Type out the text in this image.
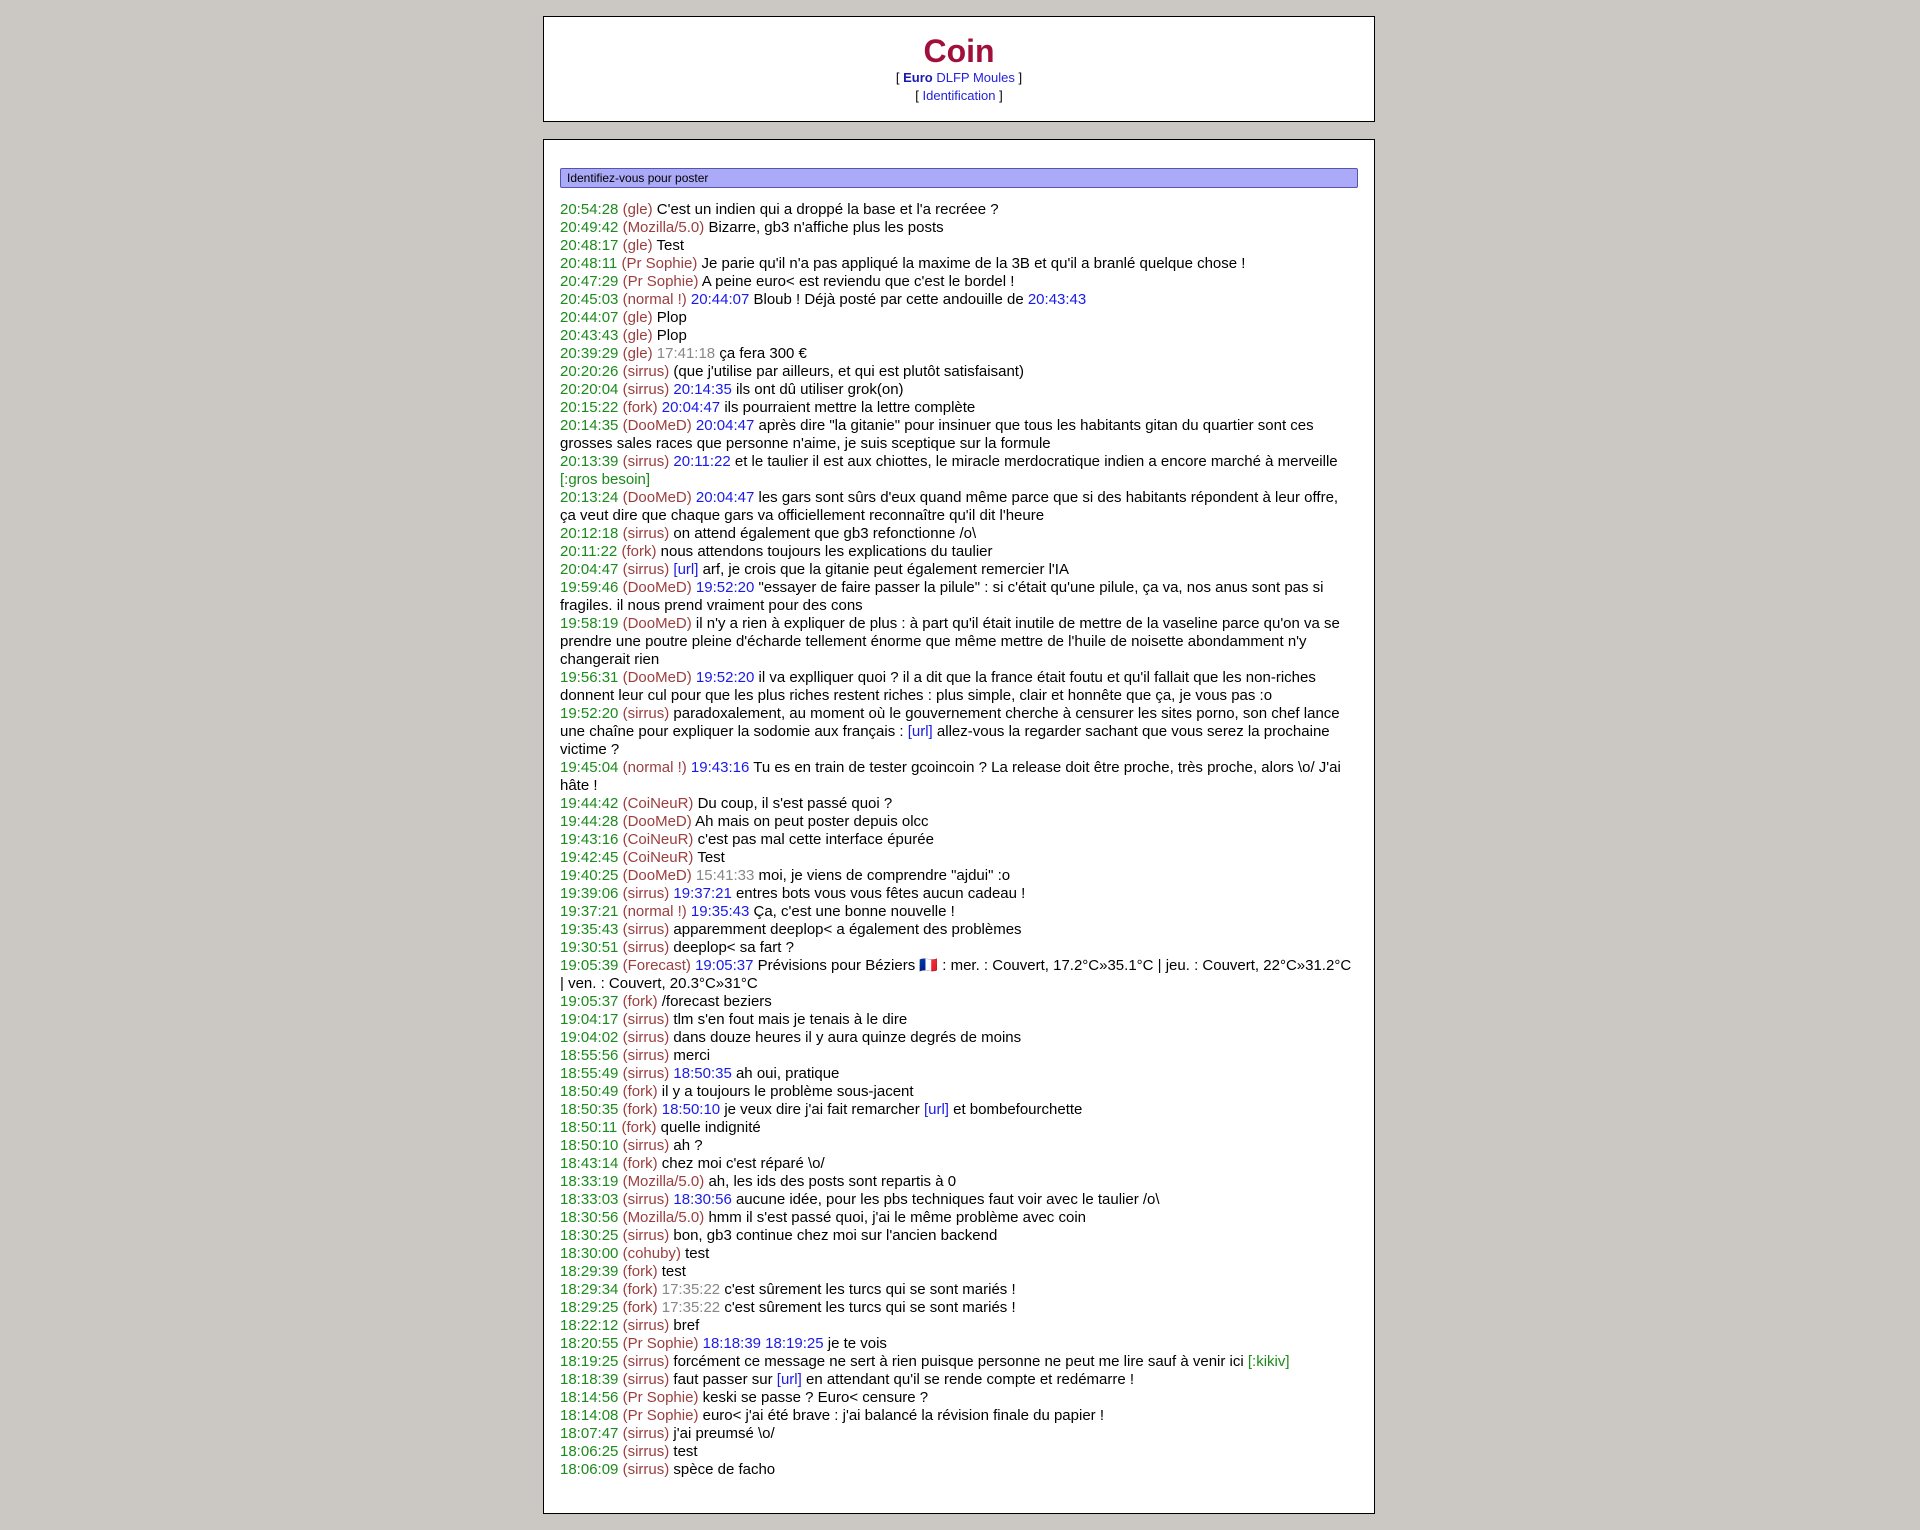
Coin
[ Euro DLFP Moules ]
[ Identification ]
Identifiez-vous pour poster
20:54:28 (gle) C'est un indien qui a droppé la base et l'a recréee ?
20:49:42 (Mozilla/5.0) Bizarre, gb3 n'affiche plus les posts
20:48:17 (gle) Test
20:48:11 (Pr Sophie) Je parie qu'il n'a pas appliqué la maxime de la 3B et qu'il a branlé quelque chose !
20:47:29 (Pr Sophie) A peine euro< est reviendu que c'est le bordel !
20:45:03 (normal !) 20:44:07 Bloub ! Déjà posté par cette andouille de 20:43:43
20:44:07 (gle) Plop
20:43:43 (gle) Plop
20:39:29 (gle) 17:41:18 ça fera 300 €
20:20:26 (sirrus) (que j'utilise par ailleurs, et qui est plutôt satisfaisant)
20:20:04 (sirrus) 20:14:35 ils ont dû utiliser grok(on)
20:15:22 (fork) 20:04:47 ils pourraient mettre la lettre complète
20:14:35 (DooMeD) 20:04:47 après dire "la gitanie" pour insinuer que tous les habitants gitan du quartier sont ces grosses sales races que personne n'aime, je suis sceptique sur la formule
20:13:39 (sirrus) 20:11:22 et le taulier il est aux chiottes, le miracle merdocratique indien a encore marché à merveille [:gros besoin]
20:13:24 (DooMeD) 20:04:47 les gars sont sûrs d'eux quand même parce que si des habitants répondent à leur offre, ça veut dire que chaque gars va officiellement reconnaître qu'il dit l'heure
20:12:18 (sirrus) on attend également que gb3 refonctionne /o\
20:11:22 (fork) nous attendons toujours les explications du taulier
20:04:47 (sirrus) [url] arf, je crois que la gitanie peut également remercier l'IA
19:59:46 (DooMeD) 19:52:20 "essayer de faire passer la pilule" : si c'était qu'une pilule, ça va, nos anus sont pas si fragiles. il nous prend vraiment pour des cons
19:58:19 (DooMeD) il n'y a rien à expliquer de plus : à part qu'il était inutile de mettre de la vaseline parce qu'on va se prendre une poutre pleine d'écharde tellement énorme que même mettre de l'huile de noisette abondamment n'y changerait rien
19:56:31 (DooMeD) 19:52:20 il va explliquer quoi ? il a dit que la france était foutu et qu'il fallait que les non-riches donnent leur cul pour que les plus riches restent riches : plus simple, clair et honnête que ça, je vous pas :o
19:52:20 (sirrus) paradoxalement, au moment où le gouvernement cherche à censurer les sites porno, son chef lance une chaîne pour expliquer la sodomie aux français : [url] allez-vous la regarder sachant que vous serez la prochaine victime ?
19:45:04 (normal !) 19:43:16 Tu es en train de tester gcoincoin ? La release doit être proche, très proche, alors \o/ J'ai hâte !
19:44:42 (CoiNeuR) Du coup, il s'est passé quoi ?
19:44:28 (DooMeD) Ah mais on peut poster depuis olcc
19:43:16 (CoiNeuR) c'est pas mal cette interface épurée
19:42:45 (CoiNeuR) Test
19:40:25 (DooMeD) 15:41:33 moi, je viens de comprendre "ajdui" :o
19:39:06 (sirrus) 19:37:21 entres bots vous vous fêtes aucun cadeau !
19:37:21 (normal !) 19:35:43 Ça, c'est une bonne nouvelle !
19:35:43 (sirrus) apparemment deeplop< a également des problèmes
19:30:51 (sirrus) deeplop< sa fart ?
19:05:39 (Forecast) 19:05:37 Prévisions pour Béziers 🇫🇷 : mer. : Couvert, 17.2°C»35.1°C | jeu. : Couvert, 22°C»31.2°C | ven. : Couvert, 20.3°C»31°C
19:05:37 (fork) /forecast beziers
19:04:17 (sirrus) tlm s'en fout mais je tenais à le dire
19:04:02 (sirrus) dans douze heures il y aura quinze degrés de moins
18:55:56 (sirrus) merci
18:55:49 (sirrus) 18:50:35 ah oui, pratique
18:50:49 (fork) il y a toujours le problème sous-jacent
18:50:35 (fork) 18:50:10 je veux dire j'ai fait remarcher [url] et bombefourchette
18:50:11 (fork) quelle indignité
18:50:10 (sirrus) ah ?
18:43:14 (fork) chez moi c'est réparé \o/
18:33:19 (Mozilla/5.0) ah, les ids des posts sont repartis à 0
18:33:03 (sirrus) 18:30:56 aucune idée, pour les pbs techniques faut voir avec le taulier /o\
18:30:56 (Mozilla/5.0) hmm il s'est passé quoi, j'ai le même problème avec coin
18:30:25 (sirrus) bon, gb3 continue chez moi sur l'ancien backend
18:30:00 (cohuby) test
18:29:39 (fork) test
18:29:34 (fork) 17:35:22 c'est sûrement les turcs qui se sont mariés !
18:29:25 (fork) 17:35:22 c'est sûrement les turcs qui se sont mariés !
18:22:12 (sirrus) bref
18:20:55 (Pr Sophie) 18:18:39 18:19:25 je te vois
18:19:25 (sirrus) forcément ce message ne sert à rien puisque personne ne peut me lire sauf à venir ici [:kikiv]
18:18:39 (sirrus) faut passer sur [url] en attendant qu'il se rende compte et redémarre !
18:14:56 (Pr Sophie) keski se passe ? Euro< censure ?
18:14:08 (Pr Sophie) euro< j'ai été brave : j'ai balancé la révision finale du papier !
18:07:47 (sirrus) j'ai preumsé \o/
18:06:25 (sirrus) test
18:06:09 (sirrus) spèce de facho
